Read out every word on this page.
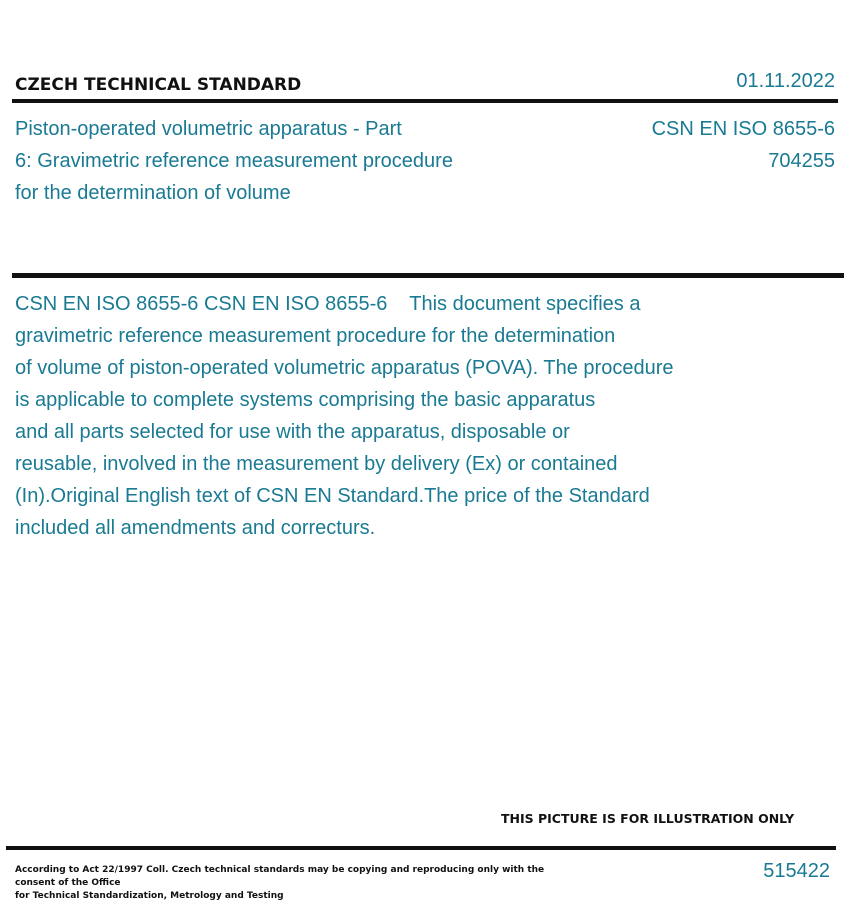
CZECH TECHNICAL STANDARD	01.11.2022
Piston-operated volumetric apparatus - Part
6: Gravimetric reference measurement procedure
for the determination of volume
CSN EN ISO 8655-6
704255
CSN EN ISO 8655-6 CSN EN ISO 8655-6    This document specifies a
gravimetric reference measurement procedure for the determination
of volume of piston-operated volumetric apparatus (POVA). The procedure
is applicable to complete systems comprising the basic apparatus
and all parts selected for use with the apparatus, disposable or
reusable, involved in the measurement by delivery (Ex) or contained
(In).Original English text of CSN EN Standard.The price of the Standard
included all amendments and correcturs.
THIS PICTURE IS FOR ILLUSTRATION ONLY
According to Act 22/1997 Coll. Czech technical standards may be copying and reproducing only with the consent of the Office
for Technical Standardization, Metrology and Testing
515422
